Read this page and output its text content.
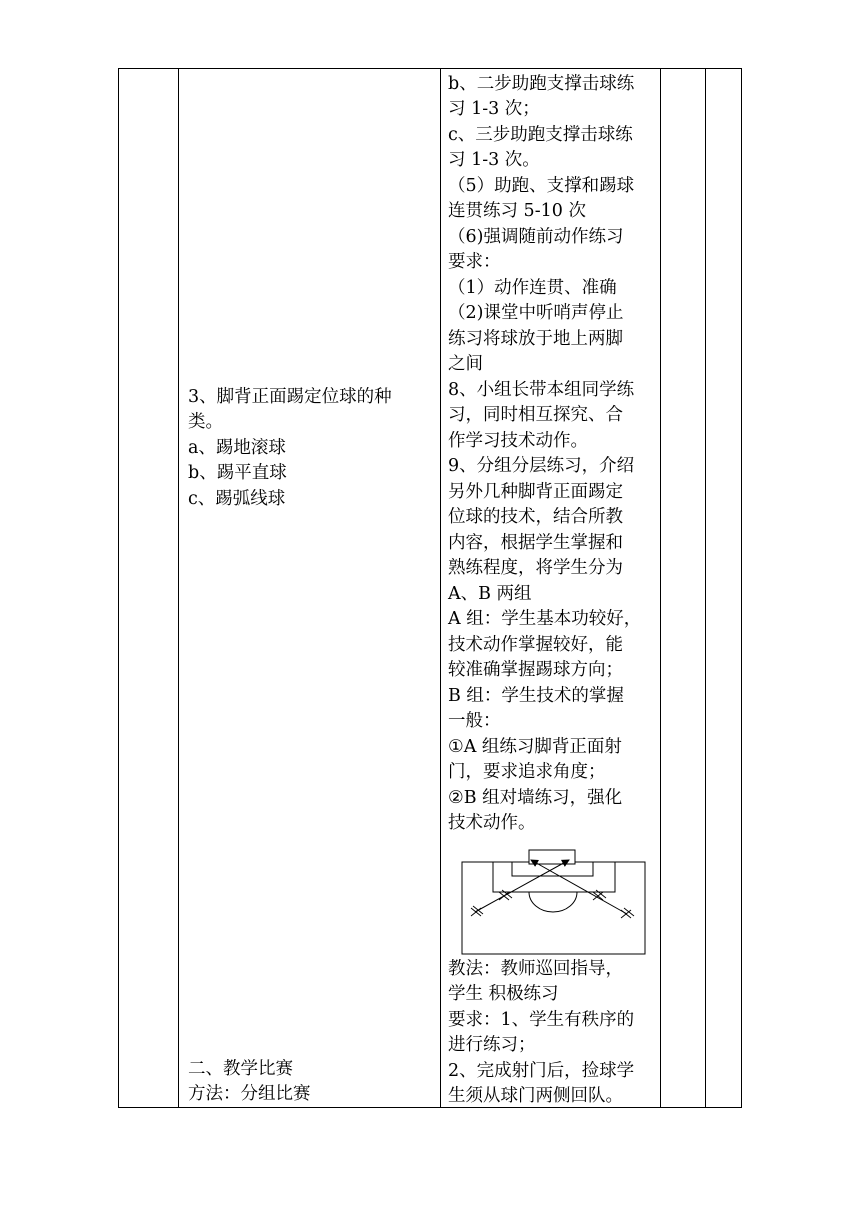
3、脚背正面踢定位球的种
类。
a、踢地滚球
b、踢平直球
c、踢弧线球
二、教学比赛
方法：分组比赛
b、二步助跑支撑击球练
习 1-3 次；
c、三步助跑支撑击球练
习 1-3 次。
（5）助跑、支撑和踢球
连贯练习 5-10 次
（6)强调随前动作练习
要求：
（1）动作连贯、准确
（2)课堂中听哨声停止
练习将球放于地上两脚
之间
8、小组长带本组同学练
习，同时相互探究、合
作学习技术动作。
9、分组分层练习，介绍
另外几种脚背正面踢定
位球的技术，结合所教
内容，根据学生掌握和
熟练程度，将学生分为
A、B 两组
A 组：学生基本功较好，
技术动作掌握较好，能
较准确掌握踢球方向；
B 组：学生技术的掌握
一般：
①A 组练习脚背正面射
门，要求追求角度；
②B 组对墙练习，强化
技术动作。
教法：教师巡回指导，
学生 积极练习
要求：1、学生有秩序的
进行练习；
2、完成射门后，捡球学
生须从球门两侧回队。
